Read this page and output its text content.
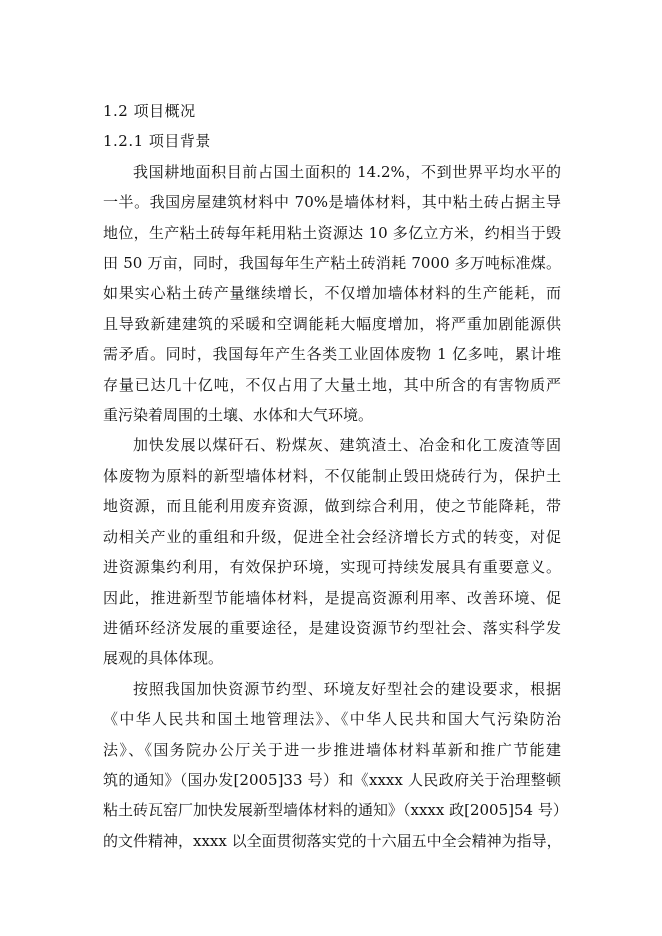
1.2 项目概况
1.2.1 项目背景
我国耕地面积目前占国土面积的 14.2%，不到世界平均水平的
一半。我国房屋建筑材料中 70%是墙体材料，其中粘土砖占据主导
地位，生产粘土砖每年耗用粘土资源达 10 多亿立方米，约相当于毁
田 50 万亩，同时，我国每年生产粘土砖消耗 7000 多万吨标准煤。
如果实心粘土砖产量继续增长，不仅增加墙体材料的生产能耗，而
且导致新建建筑的采暖和空调能耗大幅度增加，将严重加剧能源供
需矛盾。同时，我国每年产生各类工业固体废物 1 亿多吨，累计堆
存量已达几十亿吨，不仅占用了大量土地，其中所含的有害物质严
重污染着周围的土壤、水体和大气环境。
加快发展以煤矸石、粉煤灰、建筑渣土、冶金和化工废渣等固
体废物为原料的新型墙体材料，不仅能制止毁田烧砖行为，保护土
地资源，而且能利用废弃资源，做到综合利用，使之节能降耗，带
动相关产业的重组和升级，促进全社会经济增长方式的转变，对促
进资源集约利用，有效保护环境，实现可持续发展具有重要意义。
因此，推进新型节能墙体材料，是提高资源利用率、改善环境、促
进循环经济发展的重要途径，是建设资源节约型社会、落实科学发
展观的具体体现。
按照我国加快资源节约型、环境友好型社会的建设要求，根据
《中华人民共和国土地管理法》、《中华人民共和国大气污染防治
法》、《国务院办公厅关于进一步推进墙体材料革新和推广节能建
筑的通知》（国办发[2005]33 号）和《xxxx 人民政府关于治理整顿
粘土砖瓦窑厂加快发展新型墙体材料的通知》（xxxx 政[2005]54 号）
的文件精神，xxxx 以全面贯彻落实党的十六届五中全会精神为指导，
